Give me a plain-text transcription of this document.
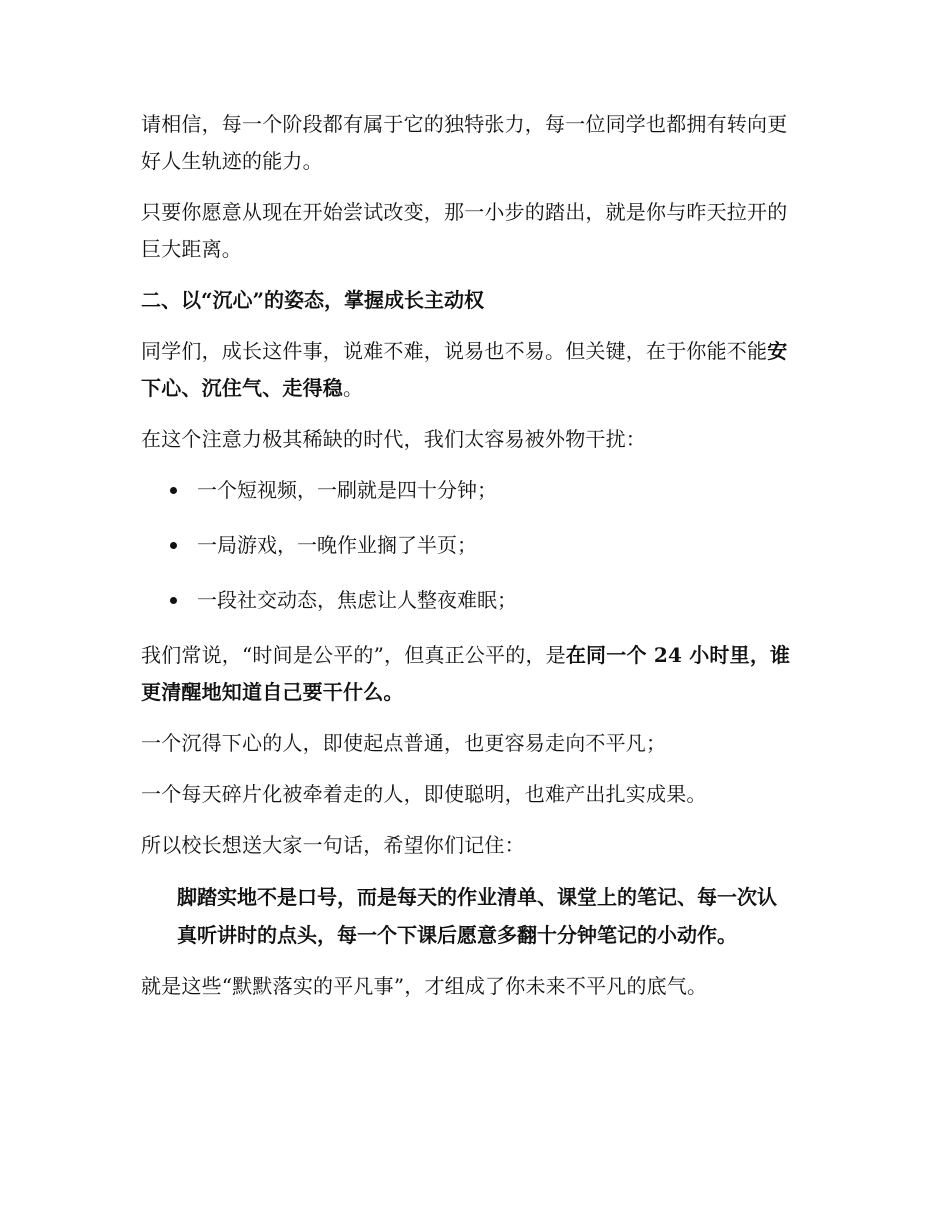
请相信，每一个阶段都有属于它的独特张力，每一位同学也都拥有转向更好人生轨迹的能力。

只要你愿意从现在开始尝试改变，那一小步的踏出，就是你与昨天拉开的巨大距离。

二、以“沉心”的姿态，掌握成长主动权

同学们，成长这件事，说难不难，说易也不易。但关键，在于你能不能安下心、沉住气、走得稳。

在这个注意力极其稀缺的时代，我们太容易被外物干扰：

一个短视频，一刷就是四十分钟；
一局游戏，一晚作业搁了半页；
一段社交动态，焦虑让人整夜难眠；

我们常说，“时间是公平的”，但真正公平的，是在同一个 24 小时里，谁更清醒地知道自己要干什么。

一个沉得下心的人，即使起点普通，也更容易走向不平凡；

一个每天碎片化被牵着走的人，即使聪明，也难产出扎实成果。

所以校长想送大家一句话，希望你们记住：

脚踏实地不是口号，而是每天的作业清单、课堂上的笔记、每一次认真听讲时的点头，每一个下课后愿意多翻十分钟笔记的小动作。

就是这些“默默落实的平凡事”，才组成了你未来不平凡的底气。
